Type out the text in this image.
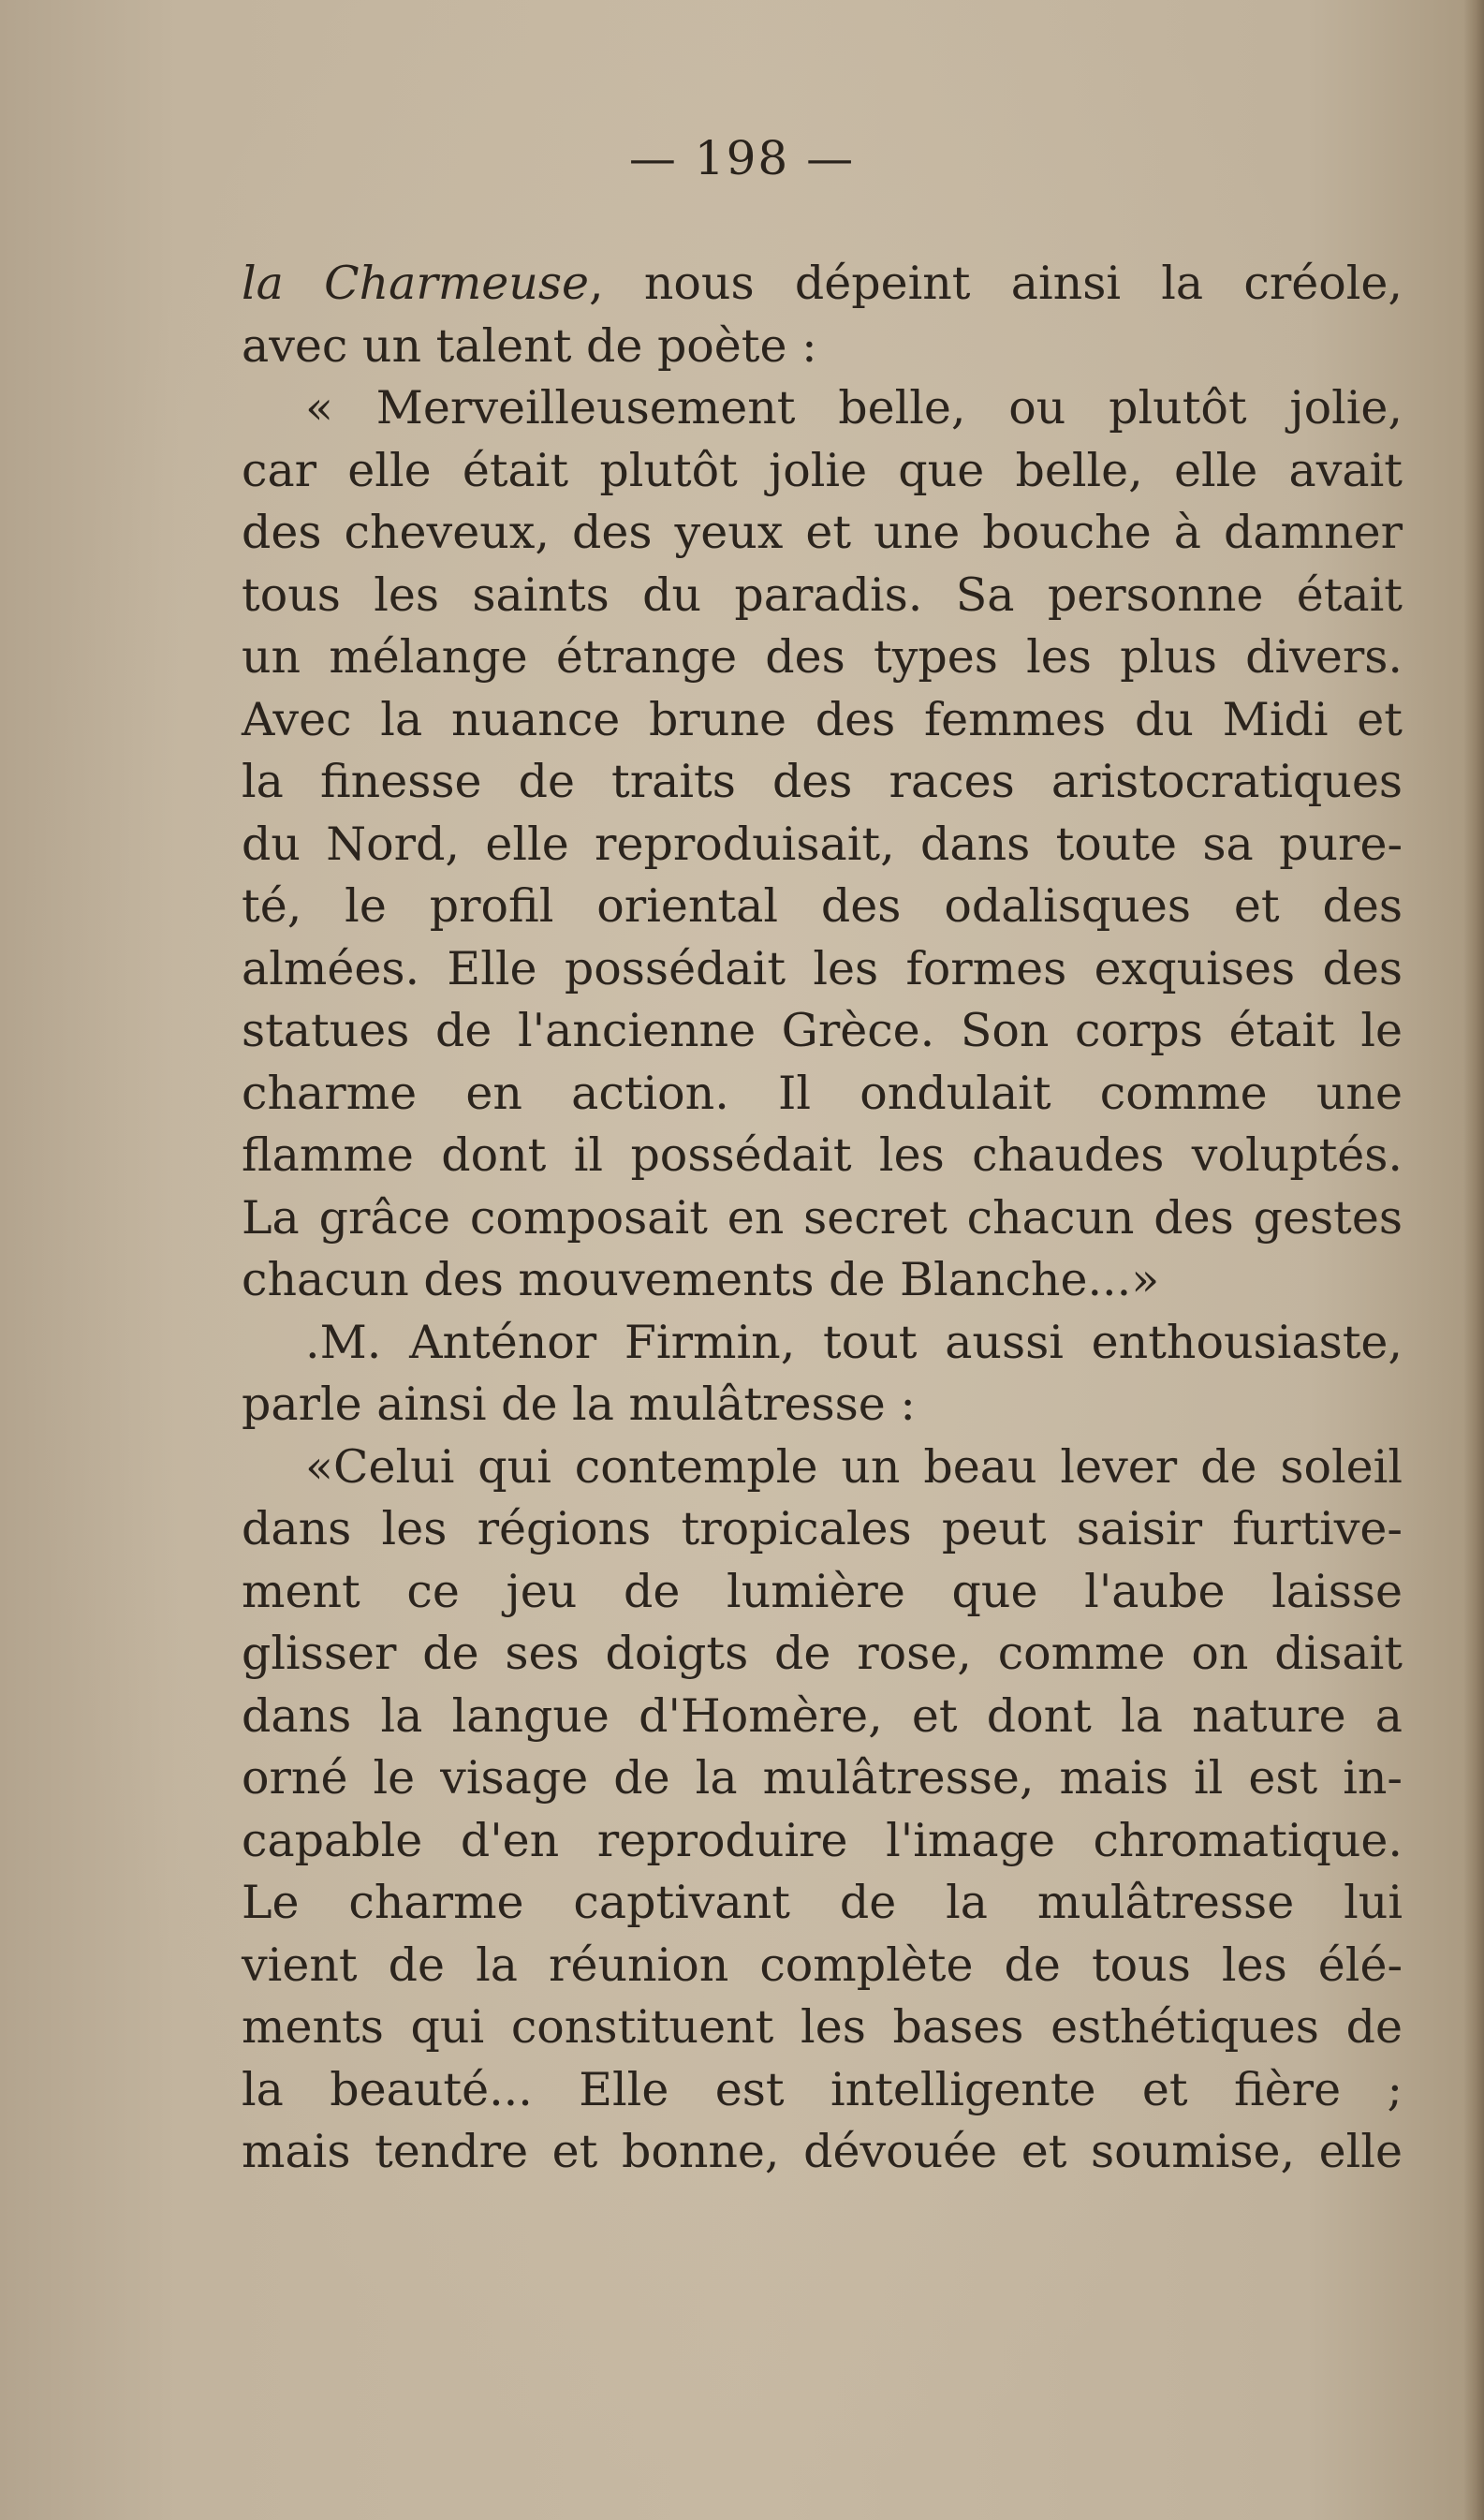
— 198 —
la Charmeuse, nous dépeint ainsi la créole,
avec un talent de poète :
« Merveilleusement belle, ou plutôt jolie,
car elle était plutôt jolie que belle, elle avait
des cheveux, des yeux et une bouche à damner
tous les saints du paradis. Sa personne était
un mélange étrange des types les plus divers.
Avec la nuance brune des femmes du Midi et
la finesse de traits des races aristocratiques
du Nord, elle reproduisait, dans toute sa pure-
té, le profil oriental des odalisques et des
almées. Elle possédait les formes exquises des
statues de l'ancienne Grèce. Son corps était le
charme en action. Il ondulait comme une
flamme dont il possédait les chaudes voluptés.
La grâce composait en secret chacun des gestes
chacun des mouvements de Blanche...»
.M. Anténor Firmin, tout aussi enthousiaste,
parle ainsi de la mulâtresse :
«Celui qui contemple un beau lever de soleil
dans les régions tropicales peut saisir furtive-
ment ce jeu de lumière que l'aube laisse
glisser de ses doigts de rose, comme on disait
dans la langue d'Homère, et dont la nature a
orné le visage de la mulâtresse, mais il est in-
capable d'en reproduire l'image chromatique.
Le charme captivant de la mulâtresse lui
vient de la réunion complète de tous les élé-
ments qui constituent les bases esthétiques de
la beauté... Elle est intelligente et fière ;
mais tendre et bonne, dévouée et soumise, elle
